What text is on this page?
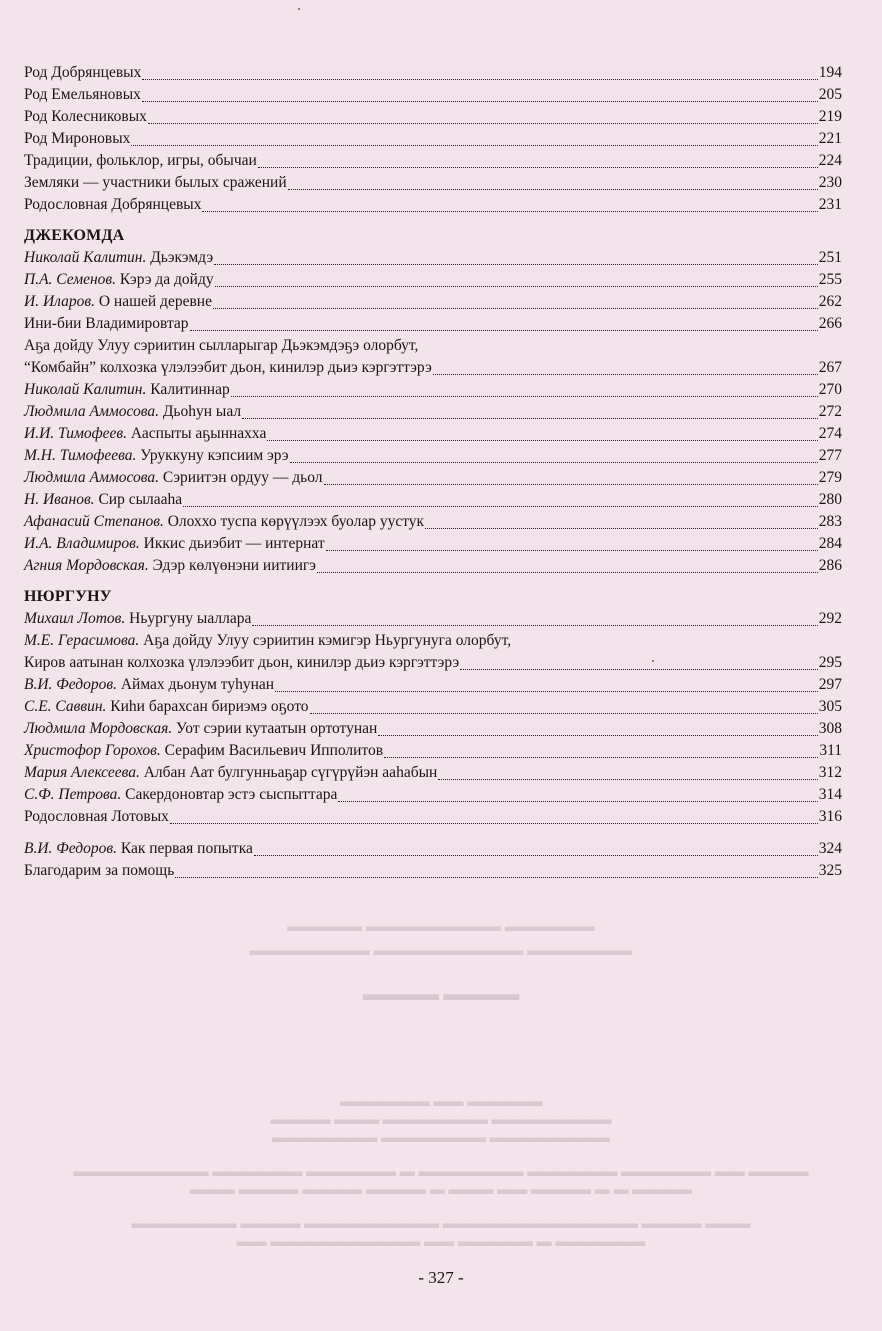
Род Добрянцевых	194
Род Емельяновых	205
Род Колесниковых	219
Род Мироновых	221
Традиции, фольклор, игры, обычаи	224
Земляки — участники былых сражений	230
Родословная Добрянцевых	231
ДЖЕКОМДА
Николай Калитин. Дьэкэмдэ	251
П.А. Семенов. Кэрэ да дойду	255
И. Иларов. О нашей деревне	262
Ини-бии Владимировтар	266
Аҕа дойду Улуу сэриитин сылларыгар Дьэкэмдэҕэ олорбут,
“Комбайн” колхозка үлэлээбит дьон, кинилэр дьиэ кэргэттэрэ	267
Николай Калитин. Калитиннар	270
Людмила Аммосова. Дьоһун ыал	272
И.И. Тимофеев. Ааспыты аҕыннахха	274
М.Н. Тимофеева. Уруккуну кэпсиим эрэ	277
Людмила Аммосова. Сэриитэн ордуу — дьол	279
Н. Иванов. Сир сылааһа	280
Афанасий Степанов. Олоххо туспа көрүүлээх буолар уустук	283
И.А. Владимиров. Иккис дьиэбит — интернат	284
Агния Мордовская. Эдэр көлүөнэни иитиигэ	286
НЮРГУНУ
Михаил Лотов. Ньургуну ыаллара	292
М.Е. Герасимова. Аҕа дойду Улуу сэриитин кэмигэр Ньургунуга олорбут,
Киров аатынан колхозка үлэлээбит дьон, кинилэр дьиэ кэргэттэрэ	295
В.И. Федоров. Аймах дьонум туһунан	297
С.Е. Саввин. Киһи барахсан бириэмэ оҕото	305
Людмила Мордовская. Уот сэрии кутаатын ортотунан	308
Христофор Горохов. Серафим Васильевич Ипполитов	311
Мария Алексеева. Албан Аат булгунньаҕар сүгүрүйэн ааһабын	312
С.Ф. Петрова. Сакердоновтар эстэ сыспыттара	314
Родословная Лотовых	316
В.И. Федоров. Как первая попытка	324
Благодарим за помощь	325
▬▬▬▬▬▬ ▬▬▬▬▬▬▬▬▬ ▬▬▬▬▬
▬▬▬▬▬▬▬ ▬▬▬▬▬▬▬▬▬▬ ▬▬▬▬▬▬▬▬
▬▬▬▬ ▬▬▬▬
▬▬▬▬▬ ▬▬ ▬▬▬▬▬▬
▬▬▬▬▬▬▬▬ ▬▬▬▬▬▬▬ ▬▬▬ ▬▬▬▬
▬▬▬▬▬▬▬▬ ▬▬▬▬▬▬▬ ▬▬▬▬▬▬▬
▬▬▬▬ ▬▬ ▬▬▬▬▬▬ ▬▬▬▬▬▬ ▬▬▬▬▬▬▬ ▬ ▬▬▬▬▬▬ ▬▬▬▬▬▬ ▬▬▬▬▬▬▬▬▬
▬▬▬▬ ▬ ▬ ▬▬▬▬ ▬▬ ▬▬▬ ▬ ▬▬▬▬ ▬▬▬▬ ▬▬▬▬ ▬▬▬
▬▬▬ ▬▬▬▬ ▬▬▬▬▬▬▬▬▬▬▬▬▬ ▬▬▬▬▬▬▬▬▬ ▬▬▬▬ ▬▬▬▬▬▬▬
▬▬▬▬▬▬ ▬ ▬▬▬▬▬ ▬▬ ▬▬▬▬▬▬▬▬▬▬ ▬▬
- 327 -
